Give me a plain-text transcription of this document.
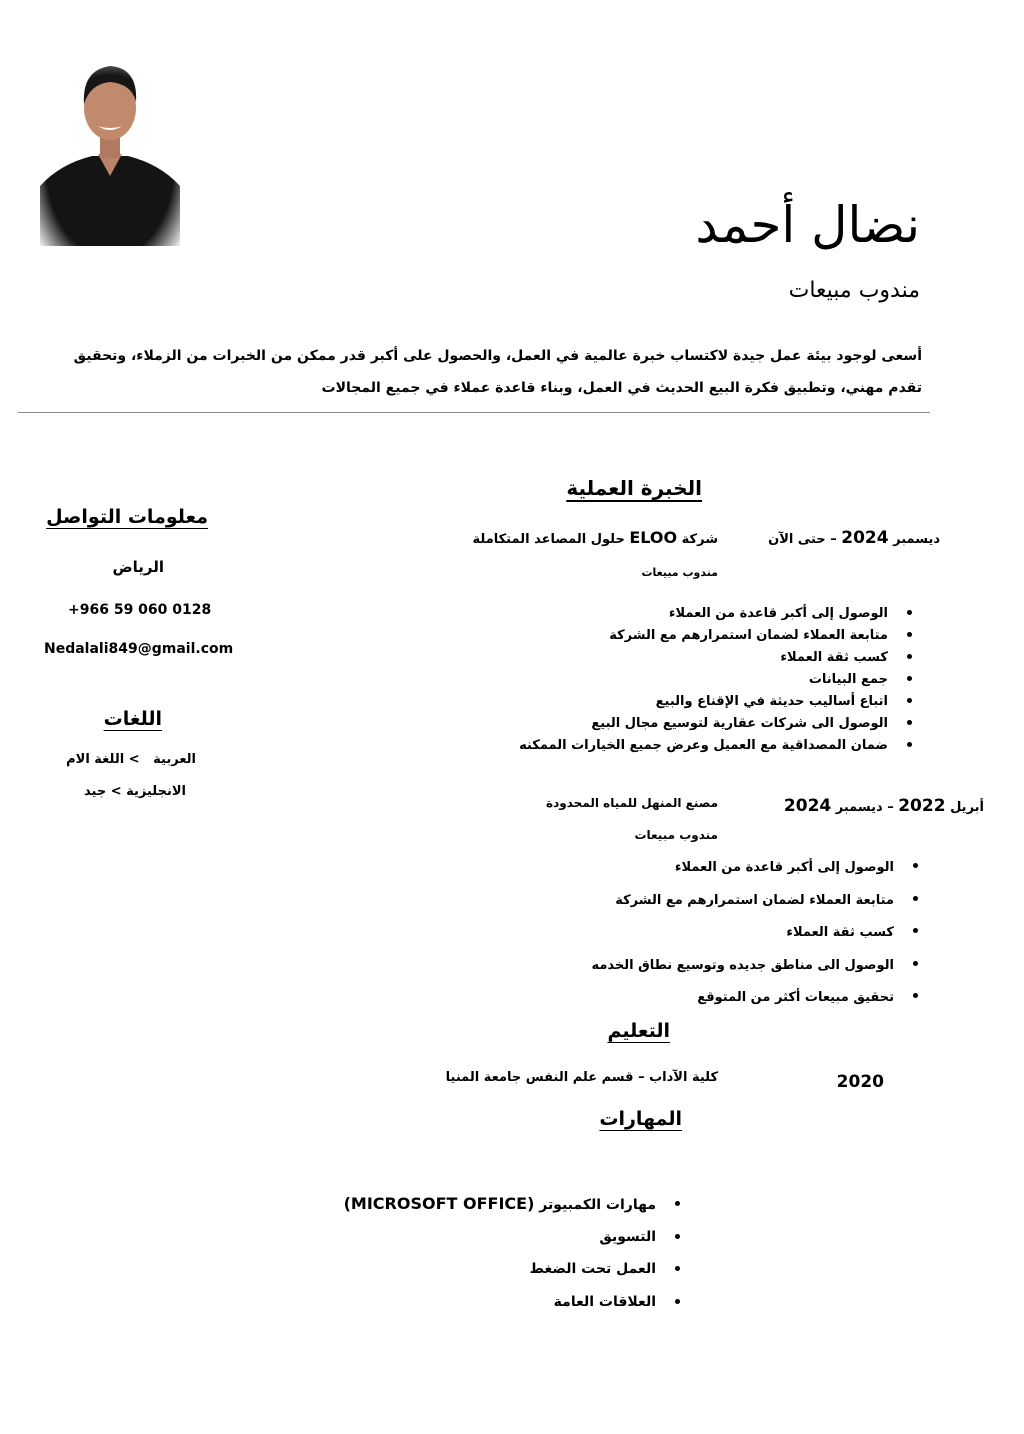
نضال أحمد
مندوب مبيعات
أسعى لوجود بيئة عمل جيدة لاكتساب خبرة عالمية في العمل، والحصول على أكبر قدر ممكن من الخبرات من الزملاء، وتحقيق تقدم مهني، وتطبيق فكرة البيع الحديث في العمل، وبناء قاعدة عملاء في جميع المجالات
الخبرة العملية
ديسمبر 2024 – حتى الآن
شركة ELOO حلول المصاعد المتكاملة
مندوب مبيعات
الوصول إلى أكبر قاعدة من العملاء
متابعة العملاء لضمان استمرارهم مع الشركة
كسب ثقة العملاء
جمع البيانات
اتباع أساليب حديثة في الإقناع والبيع
الوصول الى شركات عقارية لتوسيع مجال البيع
ضمان المصداقية مع العميل وعرض جميع الخيارات الممكنه
أبريل 2022 – ديسمبر 2024
مصنع المنهل للمياه المحدودة
مندوب مبيعات
الوصول إلى أكبر قاعدة من العملاء
متابعة العملاء لضمان استمرارهم مع الشركة
كسب ثقة العملاء
الوصول الى مناطق جديده وتوسيع نطاق الخدمه
تحقيق مبيعات أكثر من المتوقع
معلومات التواصل
الرياض
+966 59 060 0128
Nedalali849@gmail.com
اللغات
العربية   > اللغة الام
الانجليزية > جيد
التعليم
2020
كلية الآداب – قسم علم النفس جامعة المنيا
المهارات
مهارات الكمبيوتر (MICROSOFT OFFICE)
التسويق
العمل تحت الضغط
العلاقات العامة
